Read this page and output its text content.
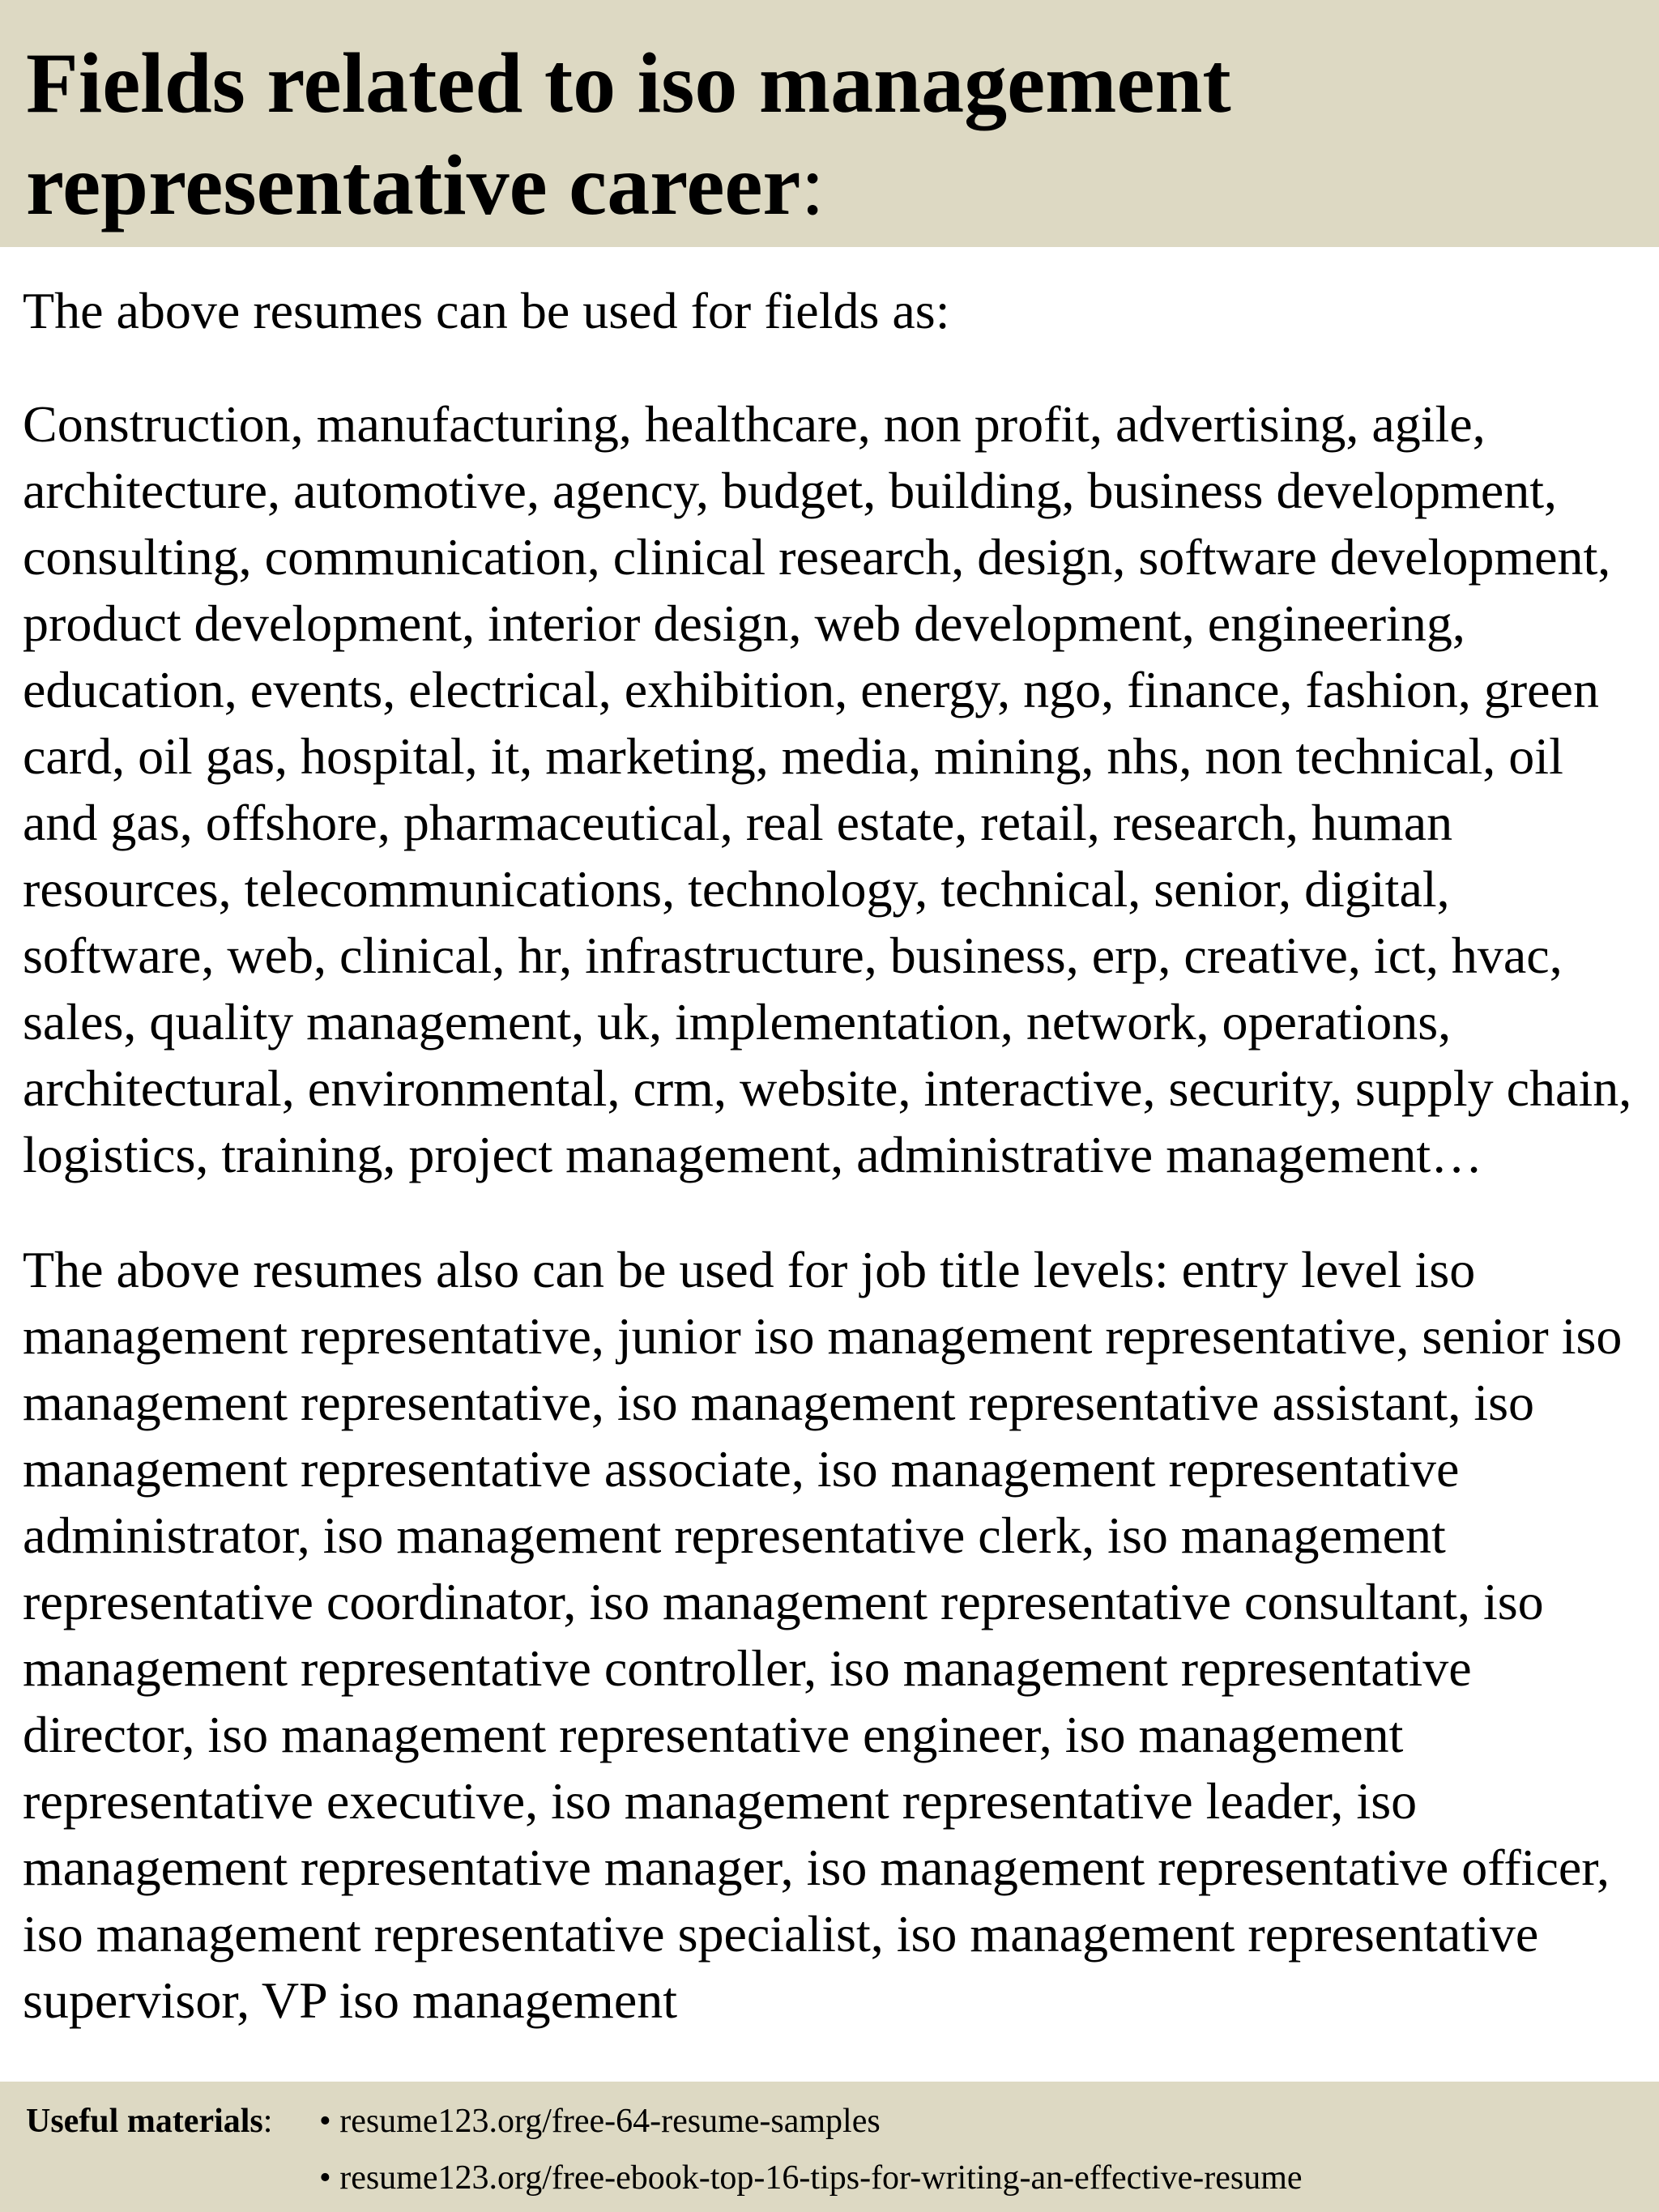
Fields related to iso management representative career:

The above resumes can be used for fields as:

Construction, manufacturing, healthcare, non profit, advertising, agile, architecture, automotive, agency, budget, building, business development, consulting, communication, clinical research, design, software development, product development, interior design, web development, engineering, education, events, electrical, exhibition, energy, ngo, finance, fashion, green card, oil gas, hospital, it, marketing, media, mining, nhs, non technical, oil and gas, offshore, pharmaceutical, real estate, retail, research, human resources, telecommunications, technology, technical, senior, digital, software, web, clinical, hr, infrastructure, business, erp, creative, ict, hvac, sales, quality management, uk, implementation, network, operations, architectural, environmental, crm, website, interactive, security, supply chain, logistics, training, project management, administrative management…

The above resumes also can be used for job title levels: entry level iso management representative, junior iso management representative, senior iso management representative, iso management representative assistant, iso management representative associate, iso management representative administrator, iso management representative clerk, iso management representative coordinator, iso management representative consultant, iso management representative controller, iso management representative director, iso management representative engineer, iso management representative executive, iso management representative leader, iso management representative manager, iso management representative officer, iso management representative specialist, iso management representative supervisor, VP iso management

Useful materials: • resume123.org/free-64-resume-samples
• resume123.org/free-ebook-top-16-tips-for-writing-an-effective-resume
